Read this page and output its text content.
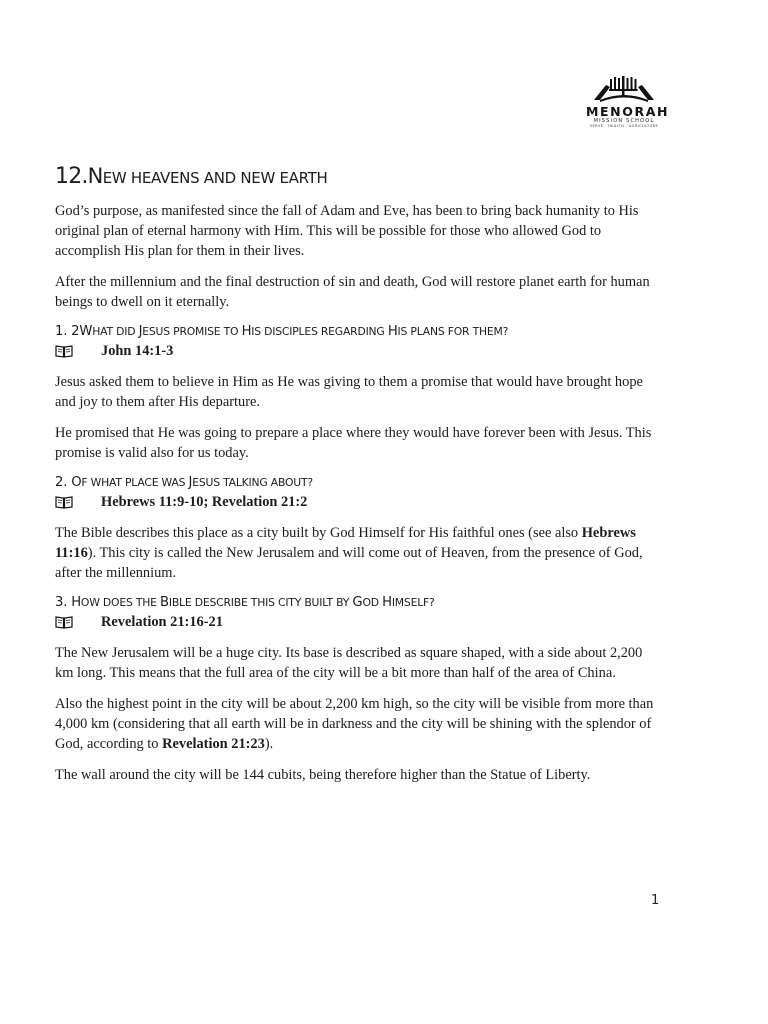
MENORAH
MISSION SCHOOL
SERVE · HEALTH · AGRICULTURE
12.NEW HEAVENS AND NEW EARTH

God’s purpose, as manifested since the fall of Adam and Eve, has been to bring back humanity to His original plan of eternal harmony with Him. This will be possible for those who allowed God to accomplish His plan for them in their lives.

After the millennium and the final destruction of sin and death, God will restore planet earth for human beings to dwell on it eternally.

1. 2WHAT DID JESUS PROMISE TO HIS DISCIPLES REGARDING HIS PLANS FOR THEM?
John 14:1-3

Jesus asked them to believe in Him as He was giving to them a promise that would have brought hope and joy to them after His departure.

He promised that He was going to prepare a place where they would have forever been with Jesus. This promise is valid also for us today.

2. OF WHAT PLACE WAS JESUS TALKING ABOUT?
Hebrews 11:9-10; Revelation 21:2

The Bible describes this place as a city built by God Himself for His faithful ones (see also Hebrews 11:16). This city is called the New Jerusalem and will come out of Heaven, from the presence of God, after the millennium.

3. HOW DOES THE BIBLE DESCRIBE THIS CITY BUILT BY GOD HIMSELF?
Revelation 21:16-21

The New Jerusalem will be a huge city. Its base is described as square shaped, with a side about 2,200 km long. This means that the full area of the city will be a bit more than half of the area of China.

Also the highest point in the city will be about 2,200 km high, so the city will be visible from more than 4,000 km (considering that all earth will be in darkness and the city will be shining with the splendor of God, according to Revelation 21:23).

The wall around the city will be 144 cubits, being therefore higher than the Statue of Liberty.

1
